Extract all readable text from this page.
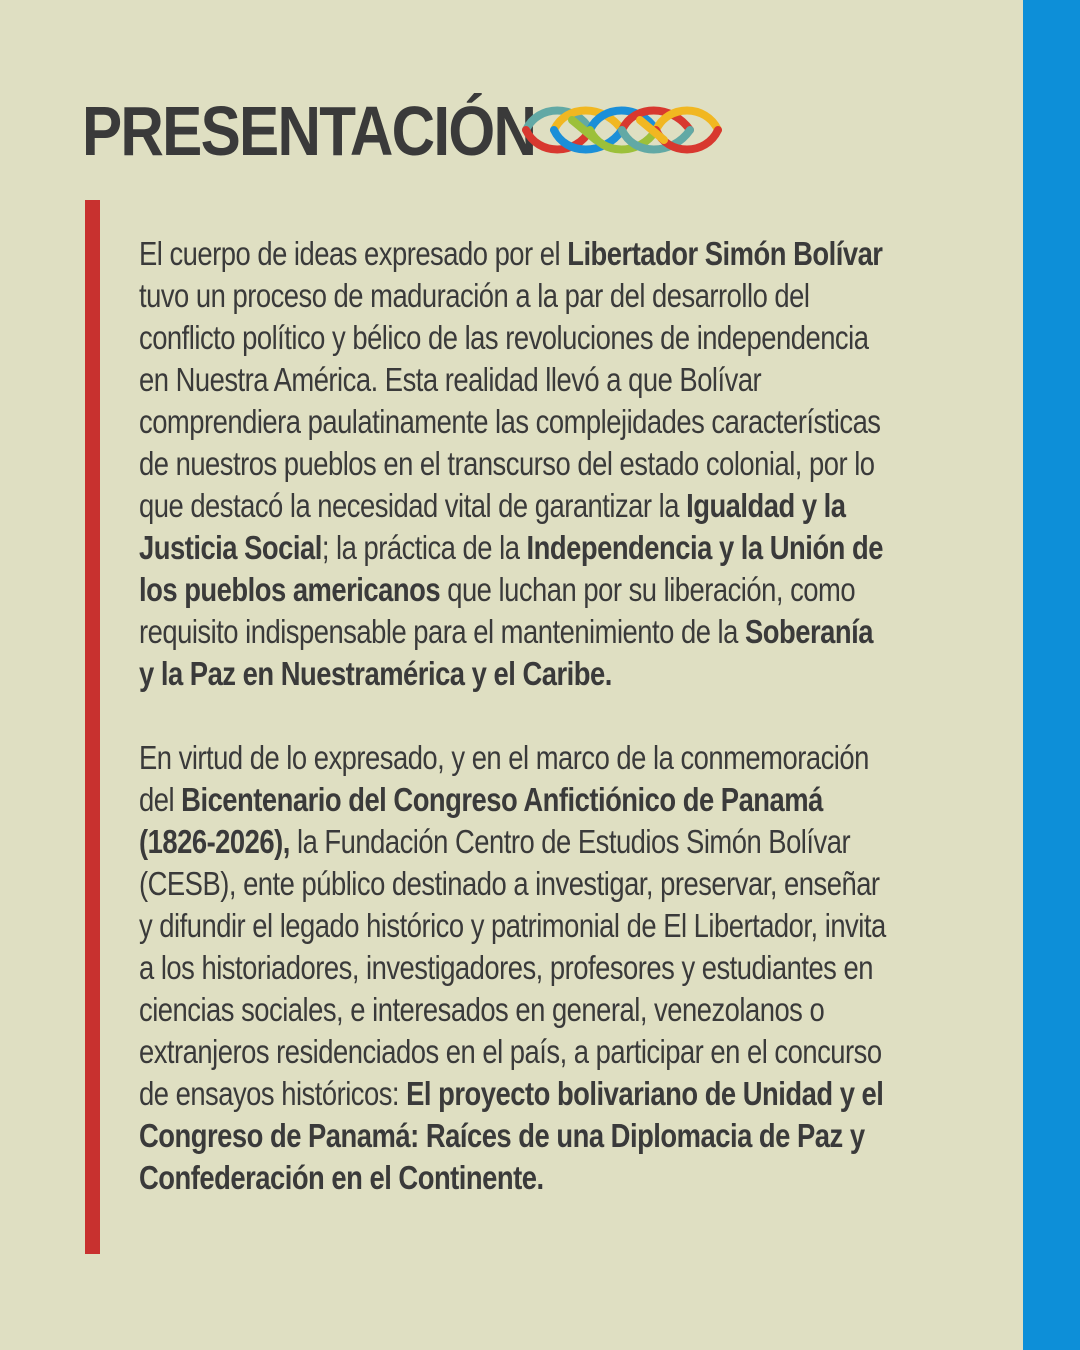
PRESENTACIÓN

El cuerpo de ideas expresado por el Libertador Simón Bolívar tuvo un proceso de maduración a la par del desarrollo del conflicto político y bélico de las revoluciones de independencia en Nuestra América. Esta realidad llevó a que Bolívar comprendiera paulatinamente las complejidades características de nuestros pueblos en el transcurso del estado colonial, por lo que destacó la necesidad vital de garantizar la Igualdad y la Justicia Social; la práctica de la Independencia y la Unión de los pueblos americanos que luchan por su liberación, como requisito indispensable para el mantenimiento de la Soberanía y la Paz en Nuestramérica y el Caribe.

En virtud de lo expresado, y en el marco de la conmemoración del Bicentenario del Congreso Anfictiónico de Panamá (1826-2026), la Fundación Centro de Estudios Simón Bolívar (CESB), ente público destinado a investigar, preservar, enseñar y difundir el legado histórico y patrimonial de El Libertador, invita a los historiadores, investigadores, profesores y estudiantes en ciencias sociales, e interesados en general, venezolanos o extranjeros residenciados en el país, a participar en el concurso de ensayos históricos: El proyecto bolivariano de Unidad y el Congreso de Panamá: Raíces de una Diplomacia de Paz y Confederación en el Continente.
